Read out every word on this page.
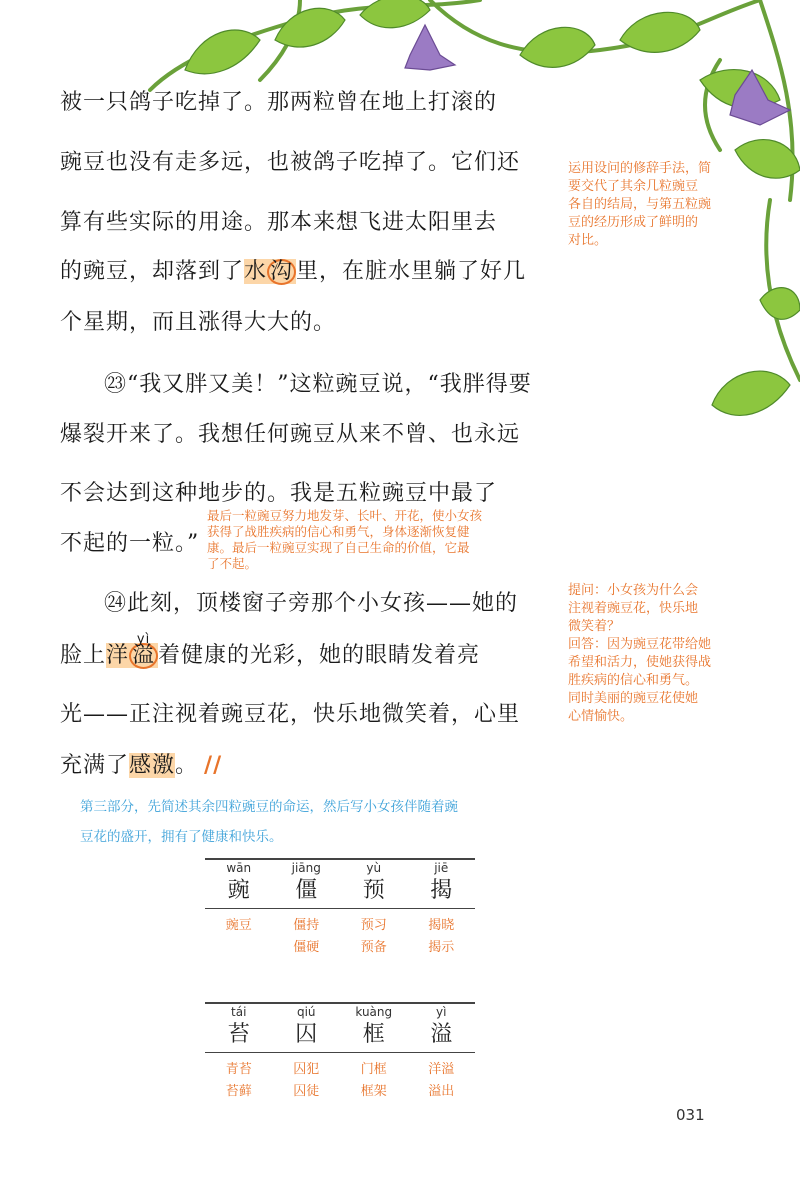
被一只鸽子吃掉了。那两粒曾在地上打滚的
豌豆也没有走多远，也被鸽子吃掉了。它们还
算有些实际的用途。那本来想飞进太阳里去
的豌豆，却落到了水 沟 里，在脏水里躺了好几
个星期，而且涨得大大的。
㉓“我又胖又美！”这粒豌豆说，“我胖得要
爆裂开来了。我想任何豌豆从来不曾、也永远
不会达到这种地步的。我是五粒豌豆中最了
不起的一粒。”
㉔此刻，顶楼窗子旁那个小女孩——她的
脸上洋
yì
溢 着健康的光彩，她的眼睛发着亮
光——正注视着豌豆花，快乐地微笑着，心里
充满了感激。 //
运用设问的修辞手法，简
要交代了其余几粒豌豆
各自的结局，与第五粒豌
豆的经历形成了鲜明的
对比。
最后一粒豌豆努力地发芽、长叶、开花，使小女孩
获得了战胜疾病的信心和勇气，身体逐渐恢复健
康。最后一粒豌豆实现了自己生命的价值，它最
了不起。
提问：小女孩为什么会
注视着豌豆花，快乐地
微笑着？
回答：因为豌豆花带给她
希望和活力，使她获得战
胜疾病的信心和勇气。
同时美丽的豌豆花使她
心情愉快。
第三部分，先简述其余四粒豌豆的命运，然后写小女孩伴随着豌
豆花的盛开，拥有了健康和快乐。
wān
豌
jiāng
僵
yù
预
jiē
揭
豌豆	僵持
僵硬
预习
预备
揭晓
揭示
tái
苔
qiú
囚
kuàng
框
yì
溢
青苔
苔藓
囚犯
囚徒
门框
框架
洋溢
溢出
031
